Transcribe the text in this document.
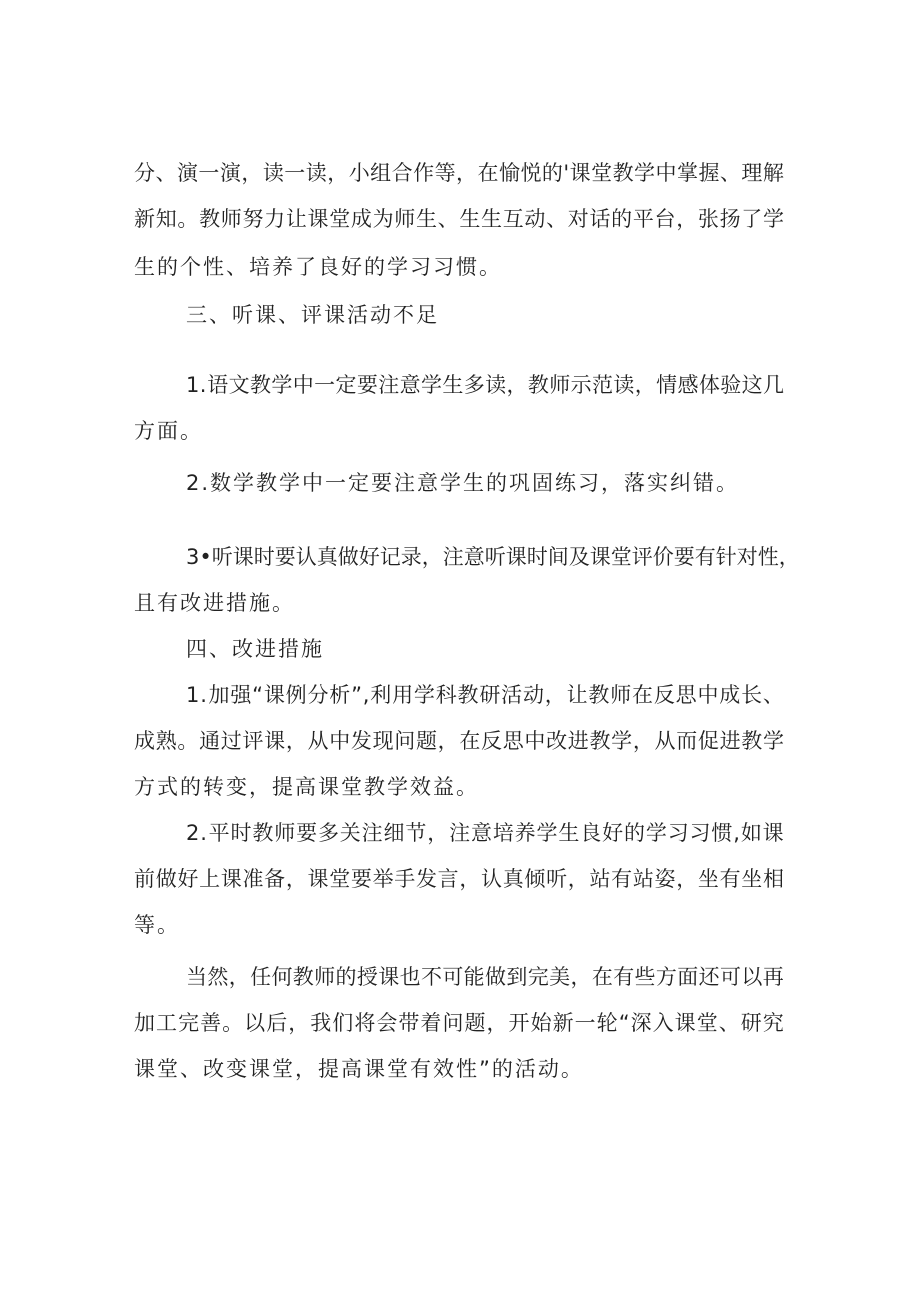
分 、 演 一 演 ， 读 一 读 ， 小 组 合 作 等 ， 在 愉 悦 的 ' 课 堂 教 学 中 掌 握 、 理 解
新 知 。 教 师 努 力 让 课 堂 成 为 师 生 、 生 生 互 动 、 对 话 的 平 台 ， 张 扬 了 学
生的个性、培养了良好的学习习惯。
三、听课、评课活动不足
1 . 语 文 教 学 中 一 定 要 注 意 学 生 多 读 ， 教 师 示 范 读 ， 情 感 体 验 这 几
方面。
2.数学教学中一定要注意学生的巩固练习，落实纠错。
3 • 听 课 时 要 认 真 做 好 记 录 ， 注 意 听 课 时 间 及 课 堂 评 价 要 有 针 对 性 ，
且有改进措施。
四、改进措施
1 . 加 强 “ 课 例 分 析 ” , 利 用 学 科 教 研 活 动 ， 让 教 师 在 反 思 中 成 长 、
成 熟 。 通 过 评 课 ， 从 中 发 现 问 题 ， 在 反 思 中 改 进 教 学 ， 从 而 促 进 教 学
方式的转变，提高课堂教学效益。
2 . 平 时 教 师 要 多 关 注 细 节 ， 注 意 培 养 学 生 良 好 的 学 习 习 惯 , 如 课
前 做 好 上 课 准 备 ， 课 堂 要 举 手 发 言 ， 认 真 倾 听 ， 站 有 站 姿 ， 坐 有 坐 相
等。
当 然 ， 任 何 教 师 的 授 课 也 不 可 能 做 到 完 美 ， 在 有 些 方 面 还 可 以 再
加 工 完 善 。 以 后 ， 我 们 将 会 带 着 问 题 ， 开 始 新 一 轮 “ 深 入 课 堂 、 研 究
课堂、改变课堂，提高课堂有效性”的活动。
